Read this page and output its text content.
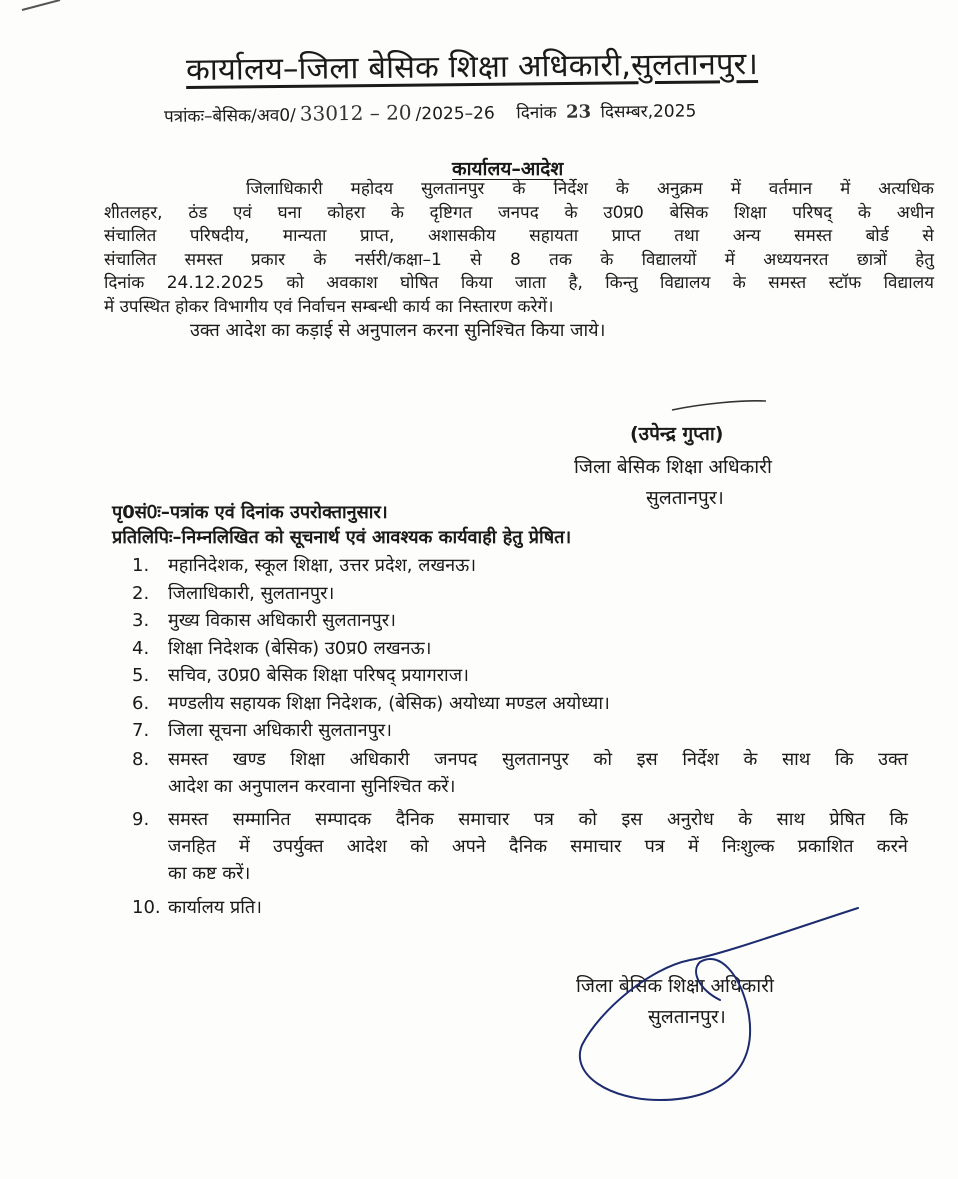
कार्यालय–जिला बेसिक शिक्षा अधिकारी,सुलतानपुर।
पत्रांकः–बेसिक/अव0/ 33012 – 20 /2025–26 दिनांक 23 दिसम्बर,2025
कार्यालय–आदेश
जिलाधिकारी महोदय सुलतानपुर के निर्देश के अनुक्रम में वर्तमान में अत्यधिक
शीतलहर, ठंड एवं घना कोहरा के दृष्टिगत जनपद के उ0प्र0 बेसिक शिक्षा परिषद् के अधीन
संचालित परिषदीय, मान्यता प्राप्त, अशासकीय सहायता प्राप्त तथा अन्य समस्त बोर्ड से
संचालित समस्त प्रकार के नर्सरी/कक्षा–1 से 8 तक के विद्यालयों में अध्ययनरत छात्रों हेतु
दिनांक 24.12.2025 को अवकाश घोषित किया जाता है, किन्तु विद्यालय के समस्त स्टॉफ विद्यालय
में उपस्थित होकर विभागीय एवं निर्वाचन सम्बन्धी कार्य का निस्तारण करेगें।
उक्त आदेश का कड़ाई से अनुपालन करना सुनिश्चित किया जाये।
(उपेन्द्र गुप्ता)
जिला बेसिक शिक्षा अधिकारी
सुलतानपुर।
पृ0सं0ः–पत्रांक एवं दिनांक उपरोक्तानुसार।
प्रतिलिपिः–निम्नलिखित को सूचनार्थ एवं आवश्यक कार्यवाही हेतु प्रेषित।
1.	महानिदेशक, स्कूल शिक्षा, उत्तर प्रदेश, लखनऊ।
2.	जिलाधिकारी, सुलतानपुर।
3.	मुख्य विकास अधिकारी सुलतानपुर।
4.	शिक्षा निदेशक (बेसिक) उ0प्र0 लखनऊ।
5.	सचिव, उ0प्र0 बेसिक शिक्षा परिषद् प्रयागराज।
6.	मण्डलीय सहायक शिक्षा निदेशक, (बेसिक) अयोध्या मण्डल अयोध्या।
7.	जिला सूचना अधिकारी सुलतानपुर।
8.	समस्त खण्ड शिक्षा अधिकारी जनपद सुलतानपुर को इस निर्देश के साथ कि उक्त
आदेश का अनुपालन करवाना सुनिश्चित करें।
9.	समस्त सम्मानित सम्पादक दैनिक समाचार पत्र को इस अनुरोध के साथ प्रेषित कि
जनहित में उपर्युक्त आदेश को अपने दैनिक समाचार पत्र में निःशुल्क प्रकाशित करने
का कष्ट करें।
10. कार्यालय प्रति।
जिला बेसिक शिक्षा अधिकारी
सुलतानपुर।
